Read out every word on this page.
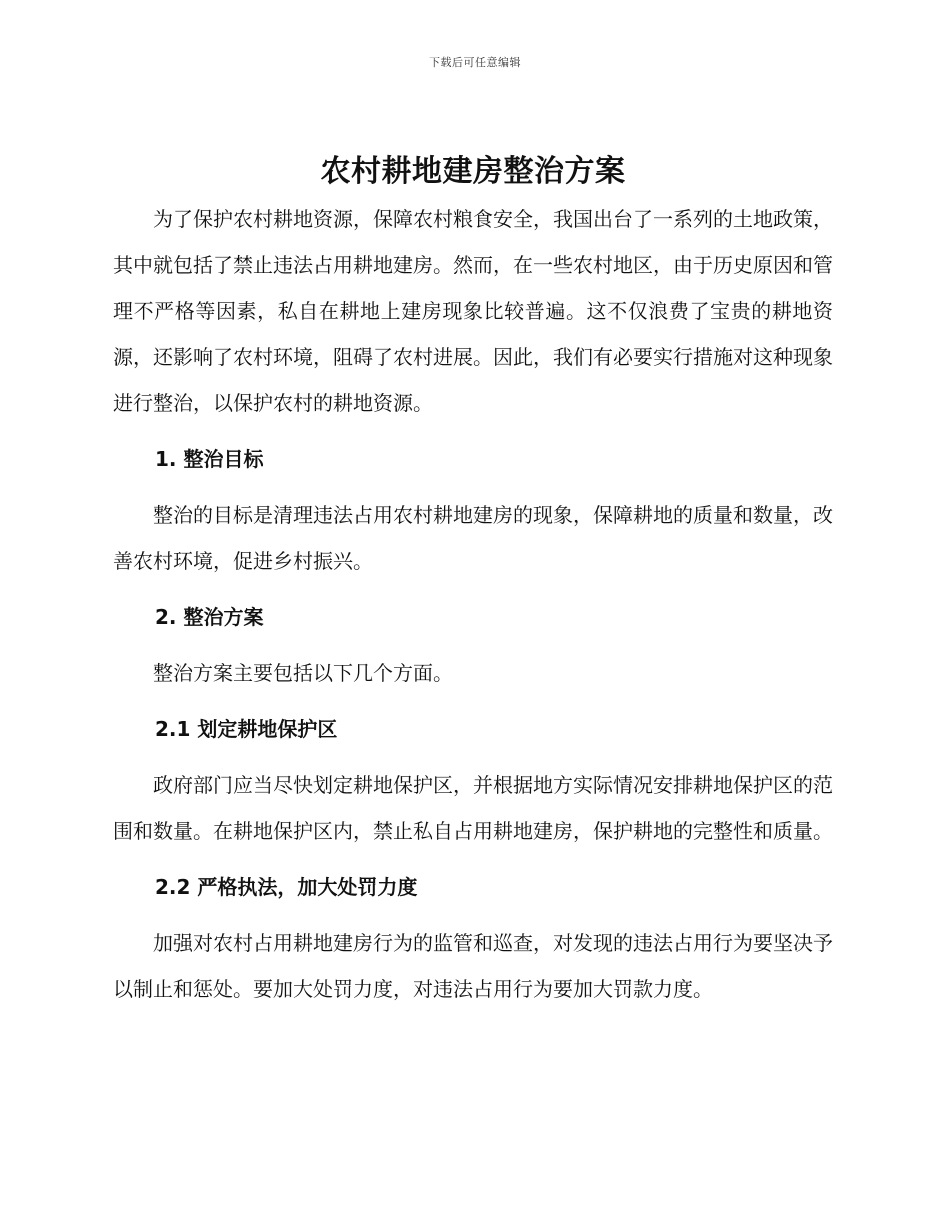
下载后可任意编辑
农村耕地建房整治方案

为了保护农村耕地资源，保障农村粮食安全，我国出台了一系列的土地政策，其中就包括了禁止违法占用耕地建房。然而，在一些农村地区，由于历史原因和管理不严格等因素，私自在耕地上建房现象比较普遍。这不仅浪费了宝贵的耕地资源，还影响了农村环境，阻碍了农村进展。因此，我们有必要实行措施对这种现象进行整治，以保护农村的耕地资源。

1. 整治目标

整治的目标是清理违法占用农村耕地建房的现象，保障耕地的质量和数量，改善农村环境，促进乡村振兴。

2. 整治方案

整治方案主要包括以下几个方面。

2.1 划定耕地保护区

政府部门应当尽快划定耕地保护区，并根据地方实际情况安排耕地保护区的范围和数量。在耕地保护区内，禁止私自占用耕地建房，保护耕地的完整性和质量。

2.2 严格执法，加大处罚力度

加强对农村占用耕地建房行为的监管和巡查，对发现的违法占用行为要坚决予以制止和惩处。要加大处罚力度，对违法占用行为要加大罚款力度。
